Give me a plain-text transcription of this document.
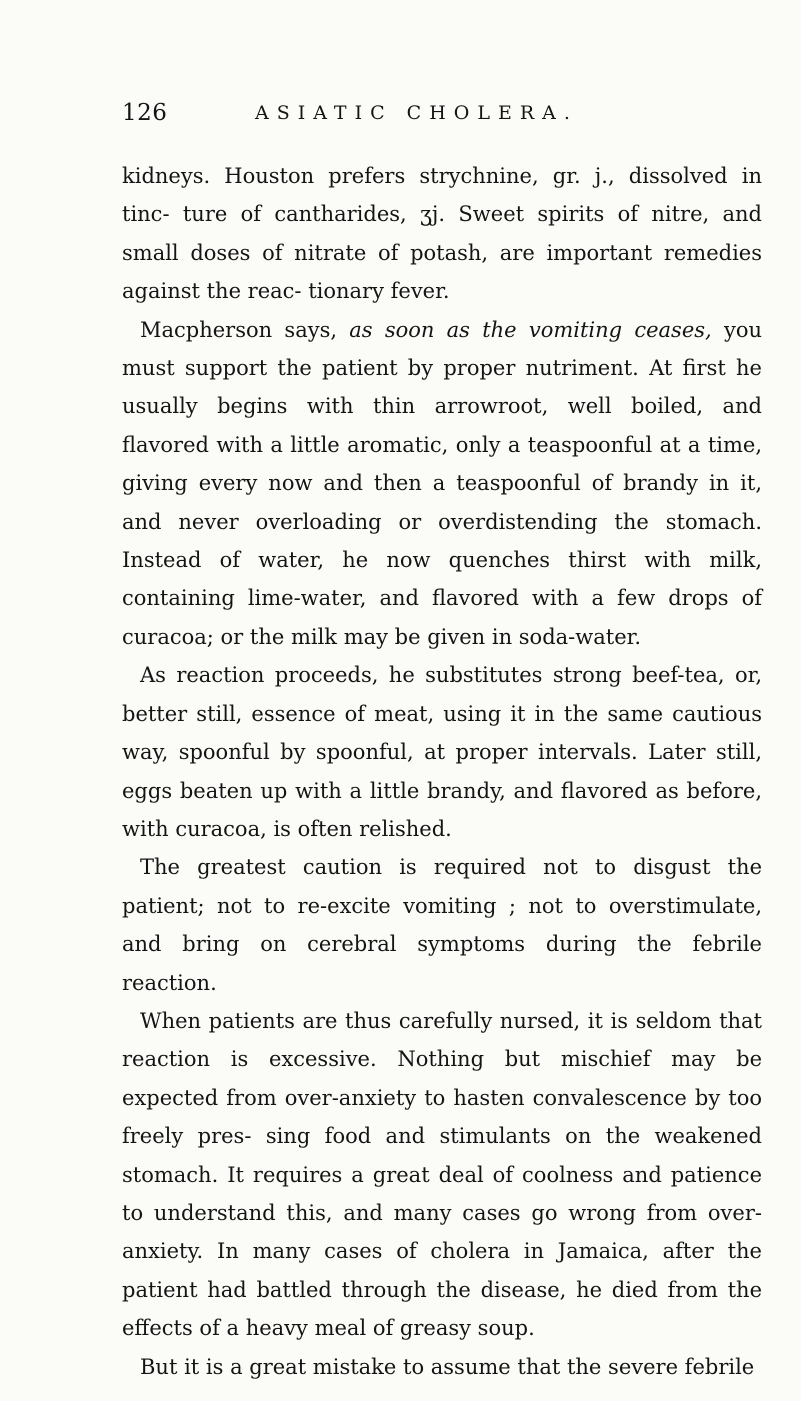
126	ASIATIC CHOLERA.

kidneys. Houston prefers strychnine, gr. j., dissolved in tinc- ture of cantharides, ʒj. Sweet spirits of nitre, and small doses of nitrate of potash, are important remedies against the reac- tionary fever.

Macpherson says, as soon as the vomiting ceases, you must support the patient by proper nutriment. At first he usually begins with thin arrowroot, well boiled, and flavored with a little aromatic, only a teaspoonful at a time, giving every now and then a teaspoonful of brandy in it, and never overloading or overdistending the stomach. Instead of water, he now quenches thirst with milk, containing lime-water, and flavored with a few drops of curacoa; or the milk may be given in soda-water.

As reaction proceeds, he substitutes strong beef-tea, or, better still, essence of meat, using it in the same cautious way, spoonful by spoonful, at proper intervals. Later still, eggs beaten up with a little brandy, and flavored as before, with curacoa, is often relished.

The greatest caution is required not to disgust the patient; not to re-excite vomiting ; not to overstimulate, and bring on cerebral symptoms during the febrile reaction.

When patients are thus carefully nursed, it is seldom that reaction is excessive. Nothing but mischief may be expected from over-anxiety to hasten convalescence by too freely pres- sing food and stimulants on the weakened stomach. It requires a great deal of coolness and patience to understand this, and many cases go wrong from over-anxiety. In many cases of cholera in Jamaica, after the patient had battled through the disease, he died from the effects of a heavy meal of greasy soup.

But it is a great mistake to assume that the severe febrile
